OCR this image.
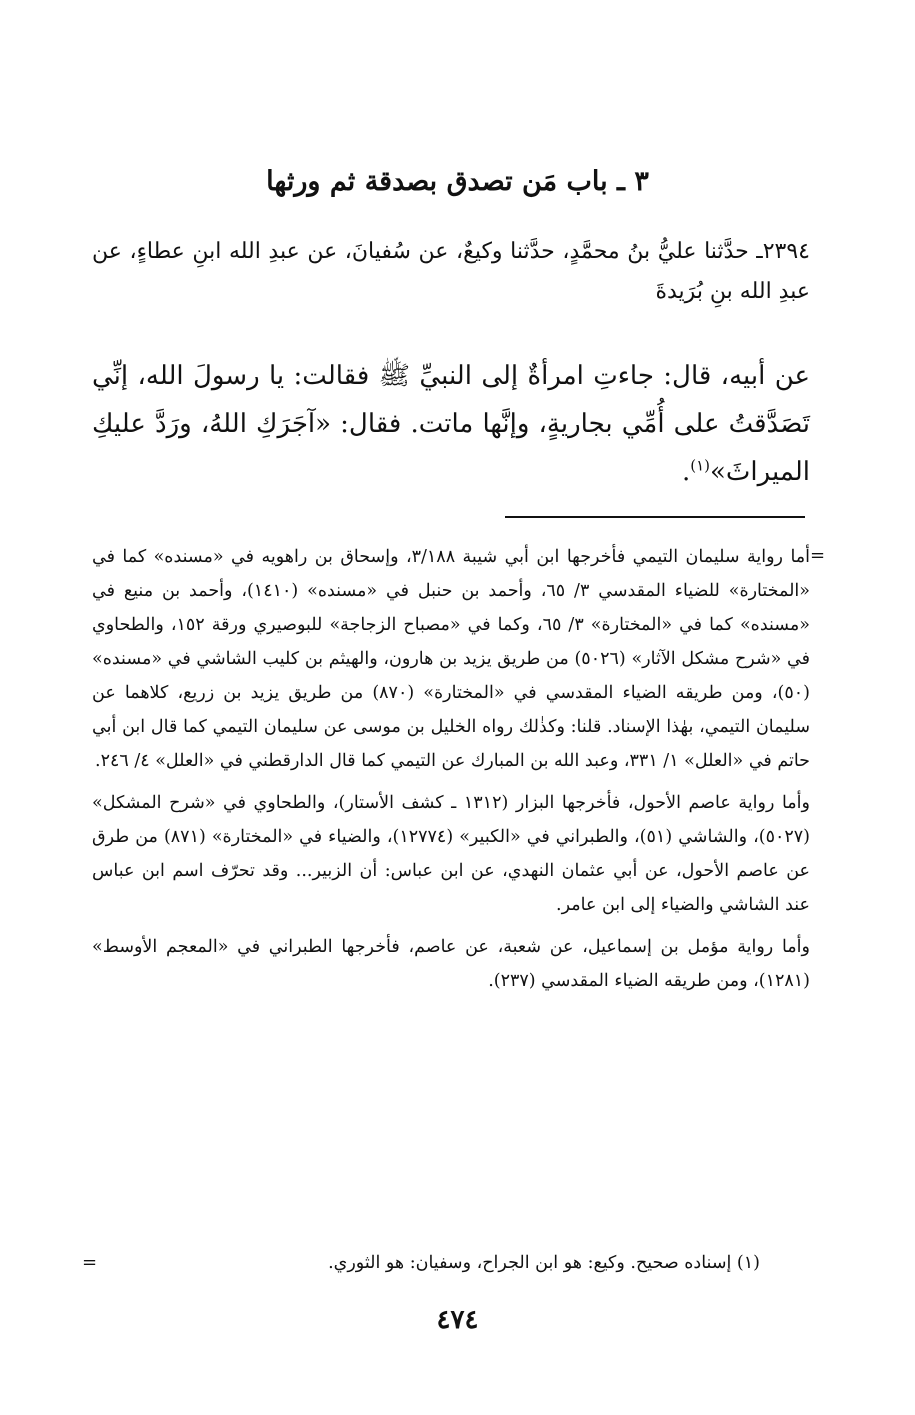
٣ ـ باب مَن تصدق بصدقة ثم ورثها

٢٣٩٤ـ حدَّثنا عليُّ بنُ محمَّدٍ، حدَّثنا وكيعٌ، عن سُفيانَ، عن عبدِ الله ابنِ عطاءٍ، عن عبدِ الله بنِ بُرَيدةَ

عن أبيه، قال: جاءتِ امرأةٌ إلى النبيِّ ﷺ فقالت: يا رسولَ الله، إنِّي تَصَدَّقتُ على أُمِّي بجاريةٍ، وإنَّها ماتت. فقال: «آجَرَكِ اللهُ، ورَدَّ عليكِ الميراثَ»$^{(١)}$.

=

أما رواية سليمان التيمي فأخرجها ابن أبي شيبة ٣/١٨٨، وإسحاق بن راهويه في «مسنده» كما في «المختارة» للضياء المقدسي ٣/ ٦٥، وأحمد بن حنبل في «مسنده» (١٤١٠)، وأحمد بن منيع في «مسنده» كما في «المختارة» ٣/ ٦٥، وكما في «مصباح الزجاجة» للبوصيري ورقة ١٥٢، والطحاوي في «شرح مشكل الآثار» (٥٠٢٦) من طريق يزيد بن هارون، والهيثم بن كليب الشاشي في «مسنده» (٥٠)، ومن طريقه الضياء المقدسي في «المختارة» (٨٧٠) من طريق يزيد بن زريع، كلاهما عن سليمان التيمي، بهٰذا الإسناد. قلنا: وكذٰلك رواه الخليل بن موسى عن سليمان التيمي كما قال ابن أبي حاتم في «العلل» ١/ ٣٣١، وعبد الله بن المبارك عن التيمي كما قال الدارقطني في «العلل» ٤/ ٢٤٦.

وأما رواية عاصم الأحول، فأخرجها البزار (١٣١٢ ـ كشف الأستار)، والطحاوي في «شرح المشكل» (٥٠٢٧)، والشاشي (٥١)، والطبراني في «الكبير» (١٢٧٧٤)، والضياء في «المختارة» (٨٧١) من طرق عن عاصم الأحول، عن أبي عثمان النهدي، عن ابن عباس: أن الزبير... وقد تحرّف اسم ابن عباس عند الشاشي والضياء إلى ابن عامر.

وأما رواية مؤمل بن إسماعيل، عن شعبة، عن عاصم، فأخرجها الطبراني في «المعجم الأوسط» (١٢٨١)، ومن طريقه الضياء المقدسي (٢٣٧).

(١) إسناده صحيح. وكيع: هو ابن الجراح، وسفيان: هو الثوري.

=

٤٧٤
